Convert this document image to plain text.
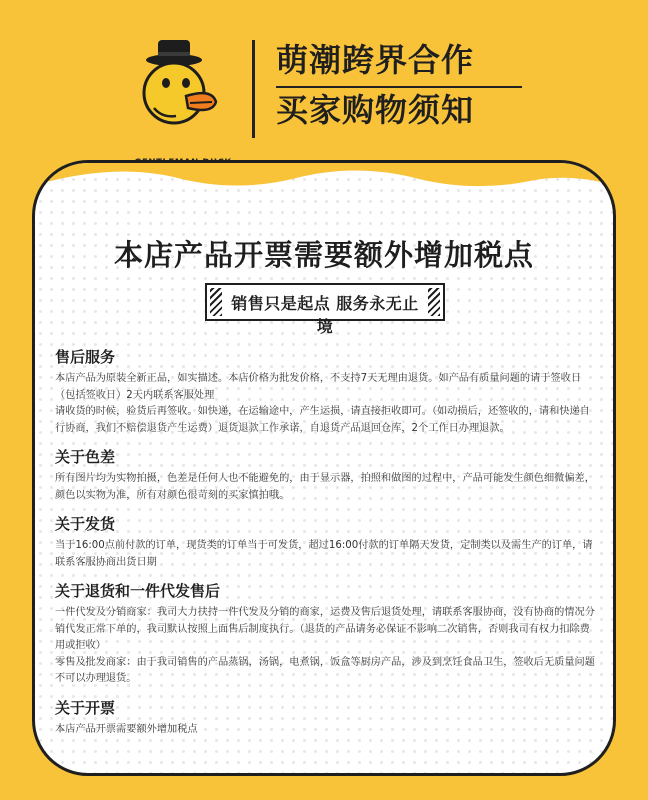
萌潮跨界合作
买家购物须知
本店产品开票需要额外增加税点
销售只是起点 服务永无止境
售后服务

本店产品为原装全新正品，如实描述。本店价格为批发价格，不支持7天无理由退货。如产品有质量问题的请于签收日（包括签收日）2天内联系客服处理

请收货的时候，验货后再签收。如快递，在运输途中，产生运损，请直接拒收即可。（如动损后，还签收的，请和快递自行协商，我们不赔偿退货产生运费）退货退款工作承诺，自退货产品退回仓库，2个工作日办理退款。

关于色差

所有图片均为实物拍摄，色差是任何人也不能避免的，由于显示器，拍照和做图的过程中，产品可能发生颜色细微偏差，颜色以实物为准，所有对颜色很苛刻的买家慎拍哦。

关于发货

当于16:00点前付款的订单，现货类的订单当于可发货，超过16:00付款的订单隔天发货，定制类以及需生产的订单，请联系客服协商出货日期

关于退货和一件代发售后

一件代发及分销商家：我司大力扶持一件代发及分销的商家，运费及售后退货处理，请联系客服协商，没有协商的情况分销代发正常下单的，我司默认按照上面售后制度执行。（退货的产品请务必保证不影响二次销售，否则我司有权力扣除费用或拒收）

零售及批发商家：由于我司销售的产品蒸锅，汤锅，电煮锅，饭盒等厨房产品，涉及到烹饪食品卫生，签收后无质量问题不可以办理退货。

关于开票

本店产品开票需要额外增加税点
